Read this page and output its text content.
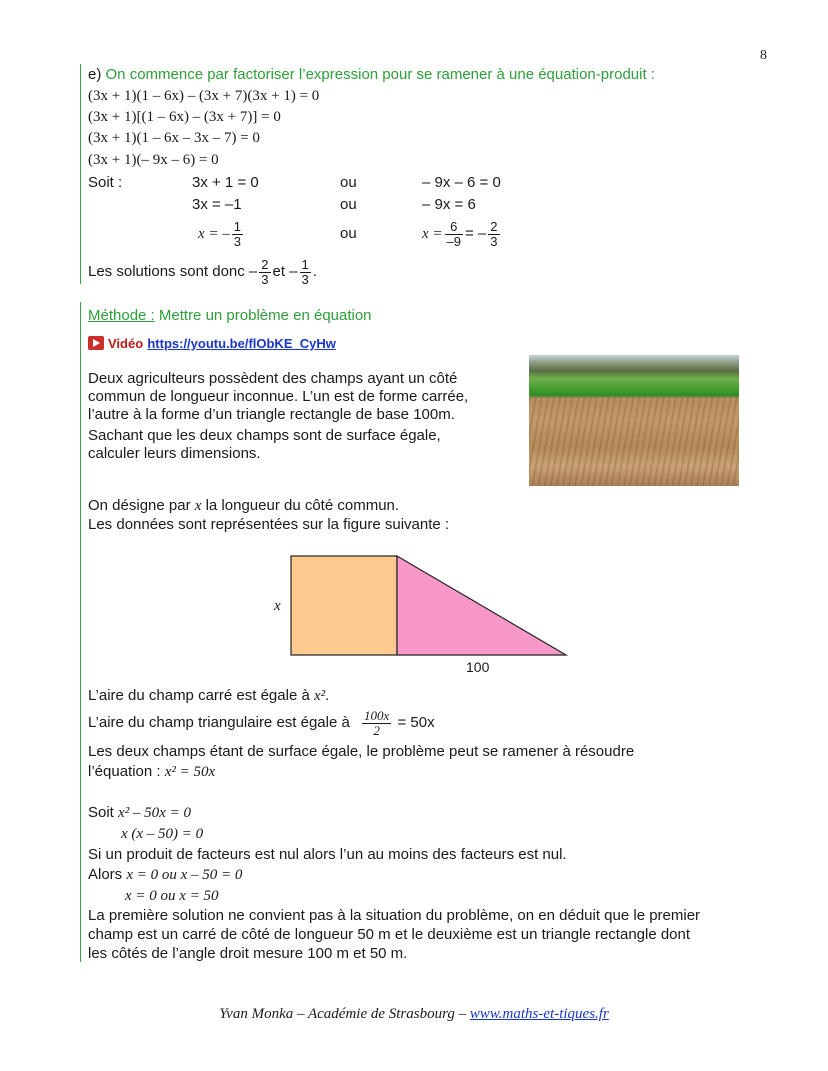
8
e) On commence par factoriser l’expression pour se ramener à une équation-produit :
(3x + 1)(1 – 6x) – (3x + 7)(3x + 1) = 0
(3x + 1)[(1 – 6x) – (3x + 7)] = 0
(3x + 1)(1 – 6x – 3x – 7) = 0
(3x + 1)(– 9x – 6) = 0
Soit :	3x + 1 = 0	ou	– 9x – 6 = 0
3x = –1	ou	– 9x = 6
x = – $\frac{1}{3}$	ou	$x = \frac{6}{-9}$ = – $\frac{2}{3}$
Les solutions sont donc – $\frac{2}{3}$ et – $\frac{1}{3}$ .
Méthode : Mettre un problème en équation
Vidéo https://youtu.be/flObKE_CyHw
Deux agriculteurs possèdent des champs ayant un côté
commun de longueur inconnue. L’un est de forme carrée,
l’autre à la forme d’un triangle rectangle de base 100m.
Sachant que les deux champs sont de surface égale,
calculer leurs dimensions.
On désigne par x la longueur du côté commun.
Les données sont représentées sur la figure suivante :
x
100
L’aire du champ carré est égale à x².
L’aire du champ triangulaire est égale à $\frac{100x}{2} = 50x$
Les deux champs étant de surface égale, le problème peut se ramener à résoudre
l’équation : x² = 50x
Soit x² – 50x = 0
x (x – 50) = 0
Si un produit de facteurs est nul alors l’un au moins des facteurs est nul.
Alors x = 0 ou x – 50 = 0
x = 0 ou x = 50
La première solution ne convient pas à la situation du problème, on en déduit que le premier
champ est un carré de côté de longueur 50 m et le deuxième est un triangle rectangle dont
les côtés de l’angle droit mesure 100 m et 50 m.
Yvan Monka – Académie de Strasbourg – www.maths-et-tiques.fr
